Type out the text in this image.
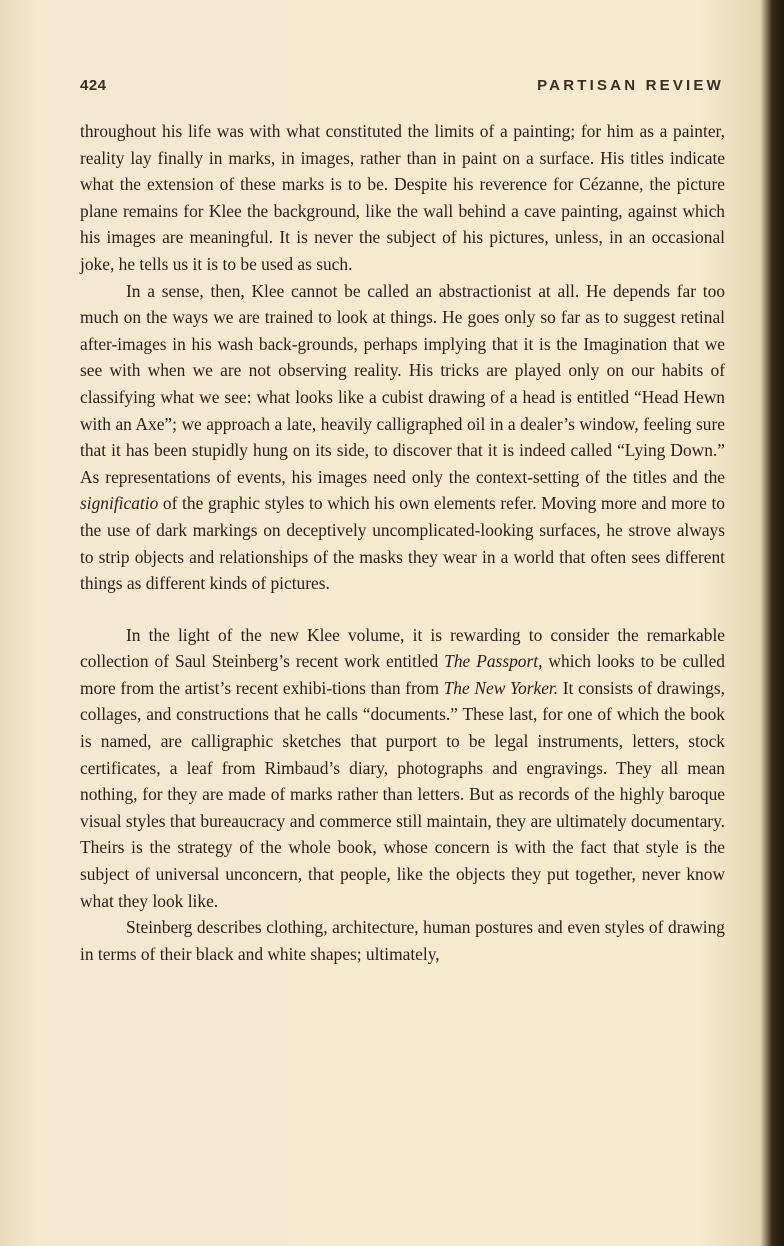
424	PARTISAN REVIEW

throughout his life was with what constituted the limits of a painting; for him as a painter, reality lay finally in marks, in images, rather than in paint on a surface. His titles indicate what the extension of these marks is to be. Despite his reverence for Cézanne, the picture plane remains for Klee the background, like the wall behind a cave painting, against which his images are meaningful. It is never the subject of his pictures, unless, in an occasional joke, he tells us it is to be used as such.

In a sense, then, Klee cannot be called an abstractionist at all. He depends far too much on the ways we are trained to look at things. He goes only so far as to suggest retinal after-images in his wash back-grounds, perhaps implying that it is the Imagination that we see with when we are not observing reality. His tricks are played only on our habits of classifying what we see: what looks like a cubist drawing of a head is entitled “Head Hewn with an Axe”; we approach a late, heavily calligraphed oil in a dealer’s window, feeling sure that it has been stupidly hung on its side, to discover that it is indeed called “Lying Down.” As representations of events, his images need only the context-setting of the titles and the significatio of the graphic styles to which his own elements refer. Moving more and more to the use of dark markings on deceptively uncomplicated-looking surfaces, he strove always to strip objects and relationships of the masks they wear in a world that often sees different things as different kinds of pictures.

In the light of the new Klee volume, it is rewarding to consider the remarkable collection of Saul Steinberg’s recent work entitled The Passport, which looks to be culled more from the artist’s recent exhibi-tions than from The New Yorker. It consists of drawings, collages, and constructions that he calls “documents.” These last, for one of which the book is named, are calligraphic sketches that purport to be legal instruments, letters, stock certificates, a leaf from Rimbaud’s diary, photographs and engravings. They all mean nothing, for they are made of marks rather than letters. But as records of the highly baroque visual styles that bureaucracy and commerce still maintain, they are ultimately documentary. Theirs is the strategy of the whole book, whose concern is with the fact that style is the subject of universal unconcern, that people, like the objects they put together, never know what they look like.

Steinberg describes clothing, architecture, human postures and even styles of drawing in terms of their black and white shapes; ultimately,
